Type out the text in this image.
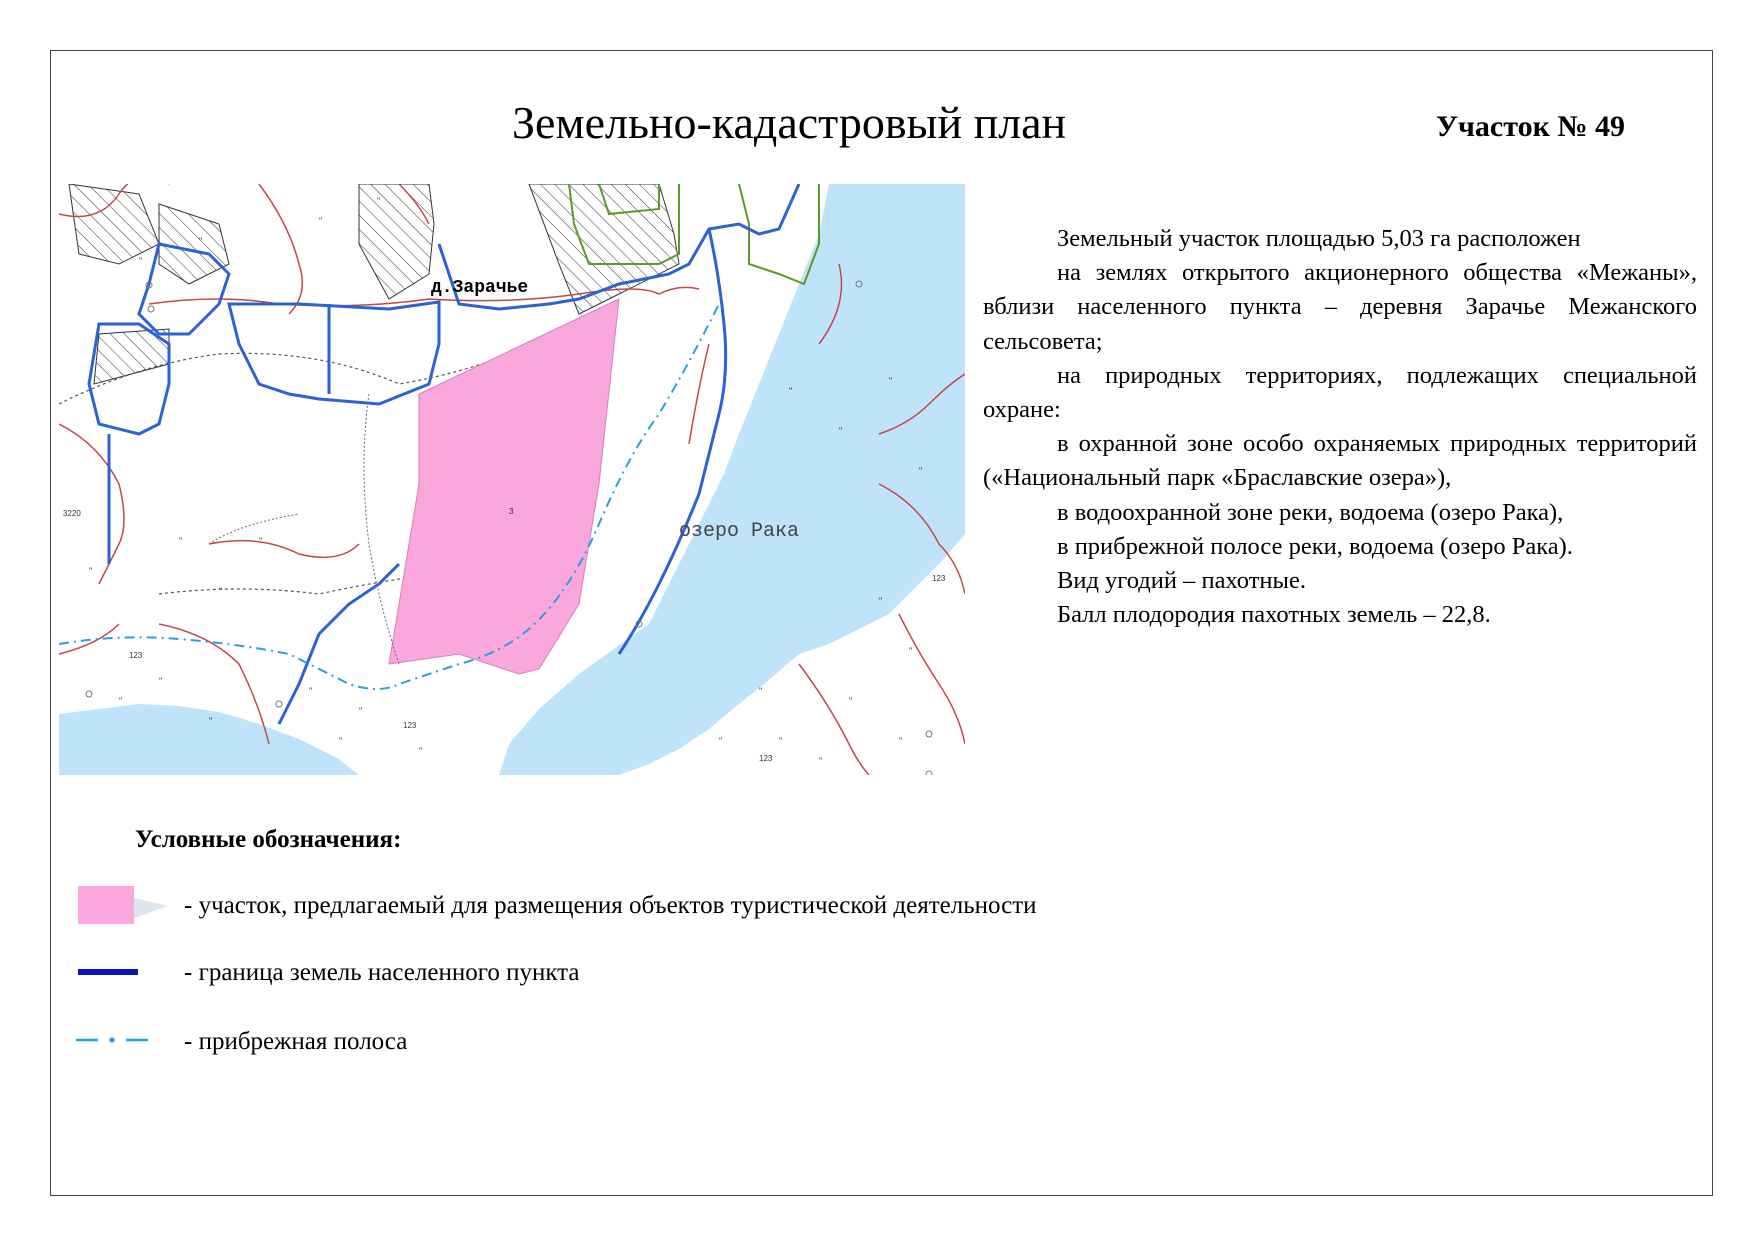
Земельно-кадастровый план	Участок № 49
д.Зарачье
озеро Рака
3
3220
123
123
123
123
"
"
"
"
"
"
"
"
"
"
"
"
"
"
"
"
"
"
"
"
"
"
"
"
"
"	"

Земельный участок площадью 5,03 га расположен

на землях открытого акционерного общества «Межаны», вблизи населенного пункта – деревня Зарачье Межанского сельсовета;

на природных территориях, подлежащих специальной охране:

в охранной зоне особо охраняемых природных территорий («Национальный парк «Браславские озера»),

в водоохранной зоне реки, водоема (озеро Рака),

в прибрежной полосе реки, водоема (озеро Рака).

Вид угодий – пахотные.

Балл плодородия пахотных земель – 22,8.

Условные обозначения:
- участок, предлагаемый для размещения объектов туристической деятельности
- граница земель населенного пункта
- прибрежная полоса
